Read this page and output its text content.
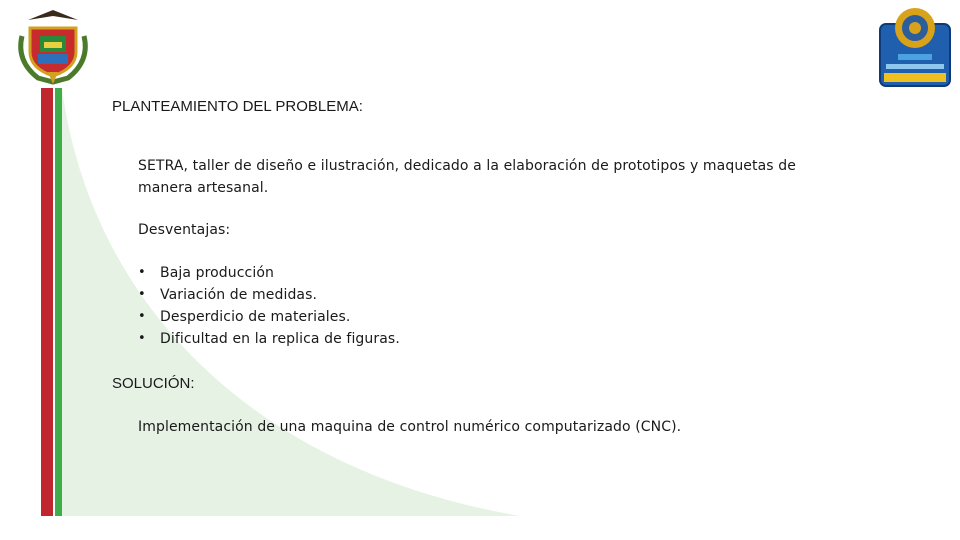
PLANTEAMIENTO DEL PROBLEMA:
SETRA, taller de diseño e ilustración, dedicado a la elaboración de prototipos y maquetas de manera artesanal.
Desventajas:
•	Baja producción
•	Variación de medidas.
•	Desperdicio de materiales.
•	Dificultad en la replica de figuras.
SOLUCIÓN:
Implementación de una maquina de control numérico computarizado (CNC).
